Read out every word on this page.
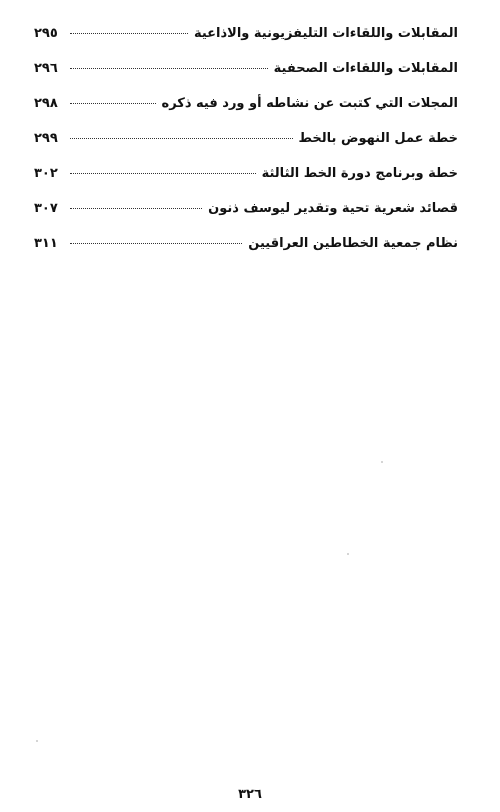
المقابلات واللقاءات التليفزيونية والاذاعية
٢٩٥
المقابلات واللقاءات الصحفية
٢٩٦
المجلات التي كتبت عن نشاطه أو ورد فيه ذكره
٢٩٨
خطة عمل النهوض بالخط
٢٩٩
خطة وبرنامج دورة الخط الثالثة
٣٠٢
قصائد شعرية تحية وتقدير ليوسف ذنون
٣٠٧
نظام جمعية الخطاطين العراقيين
٣١١
٣٢٦
